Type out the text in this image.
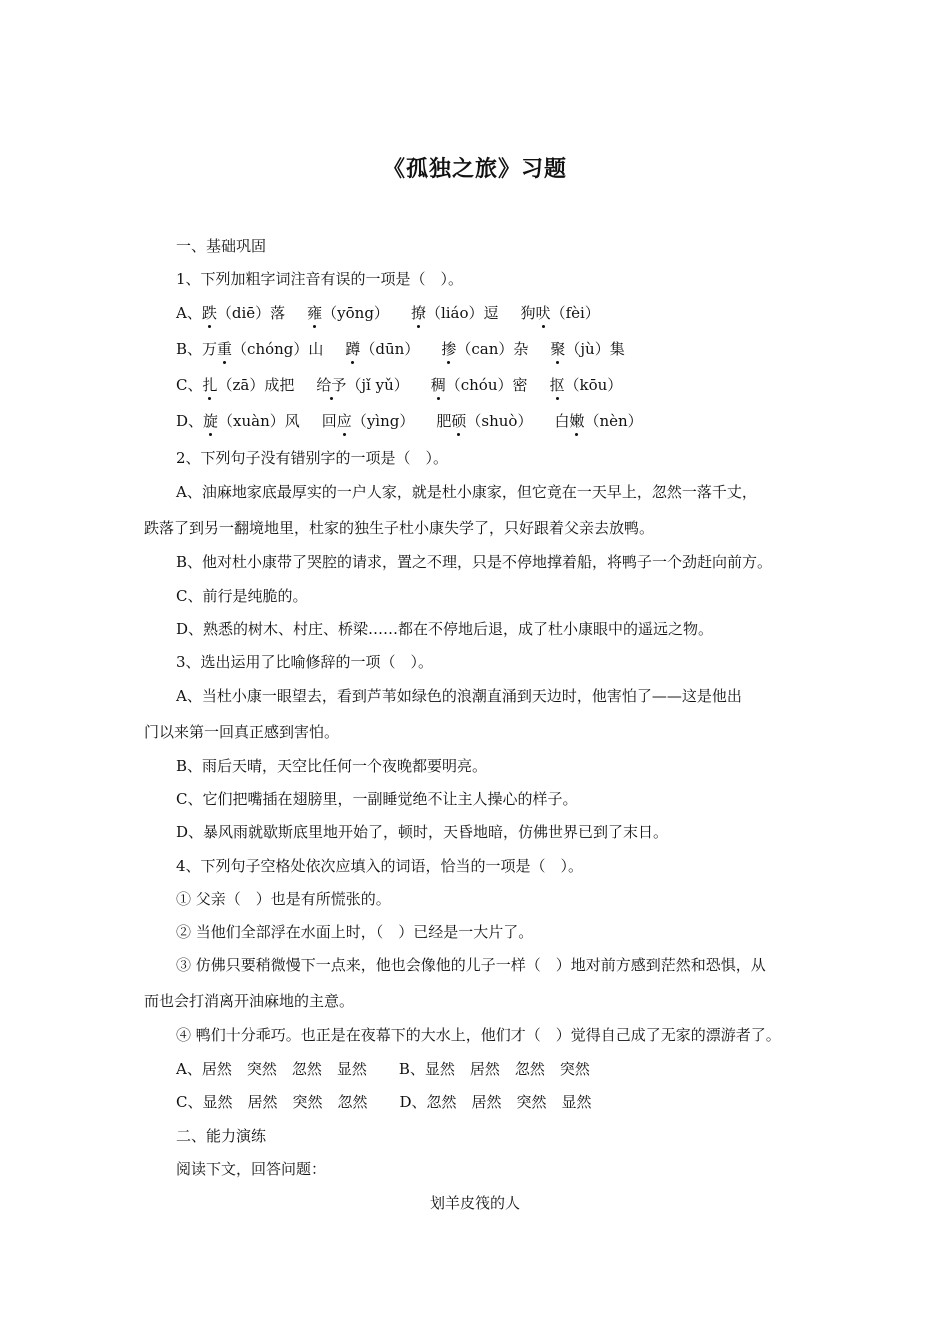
《孤独之旅》习题
一、基础巩固
1、下列加粗字词注音有误的一项是（　）。
A、跌（diē）落 雍（yōng） 撩（liáo）逗 狗吠（fèi）
B、万重（chóng）山 蹲（dūn） 掺（can）杂 聚（jù）集
C、扎（zā）成把 给予（jǐ yǔ） 稠（chóu）密 抠（kōu）
D、旋（xuàn）风 回应（yìng） 肥硕（shuò） 白嫩（nèn）
2、下列句子没有错别字的一项是（　）。
A、油麻地家底最厚实的一户人家，就是杜小康家，但它竟在一天早上，忽然一落千丈，
跌落了到另一翻境地里，杜家的独生子杜小康失学了，只好跟着父亲去放鸭。
B、他对杜小康带了哭腔的请求，置之不理，只是不停地撑着船，将鸭子一个劲赶向前方。
C、前行是纯脆的。
D、熟悉的树木、村庄、桥梁……都在不停地后退，成了杜小康眼中的遥远之物。
3、选出运用了比喻修辞的一项（　）。
A、当杜小康一眼望去，看到芦苇如绿色的浪潮直涌到天边时，他害怕了——这是他出
门以来第一回真正感到害怕。
B、雨后天晴，天空比任何一个夜晚都要明亮。
C、它们把嘴插在翅膀里，一副睡觉绝不让主人操心的样子。
D、暴风雨就歇斯底里地开始了，顿时，天昏地暗，仿佛世界已到了末日。
4、下列句子空格处依次应填入的词语，恰当的一项是（　）。
① 父亲（　）也是有所慌张的。
② 当他们全部浮在水面上时，（　）已经是一大片了。
③ 仿佛只要稍微慢下一点来，他也会像他的儿子一样（　）地对前方感到茫然和恐惧，从
而也会打消离开油麻地的主意。
④ 鸭们十分乖巧。也正是在夜幕下的大水上，他们才（　）觉得自己成了无家的漂游者了。
A、居然　突然　忽然　显然 B、显然　居然　忽然　突然
C、显然　居然　突然　忽然 D、忽然　居然　突然　显然
二、能力演练
阅读下文，回答问题：
划羊皮筏的人
